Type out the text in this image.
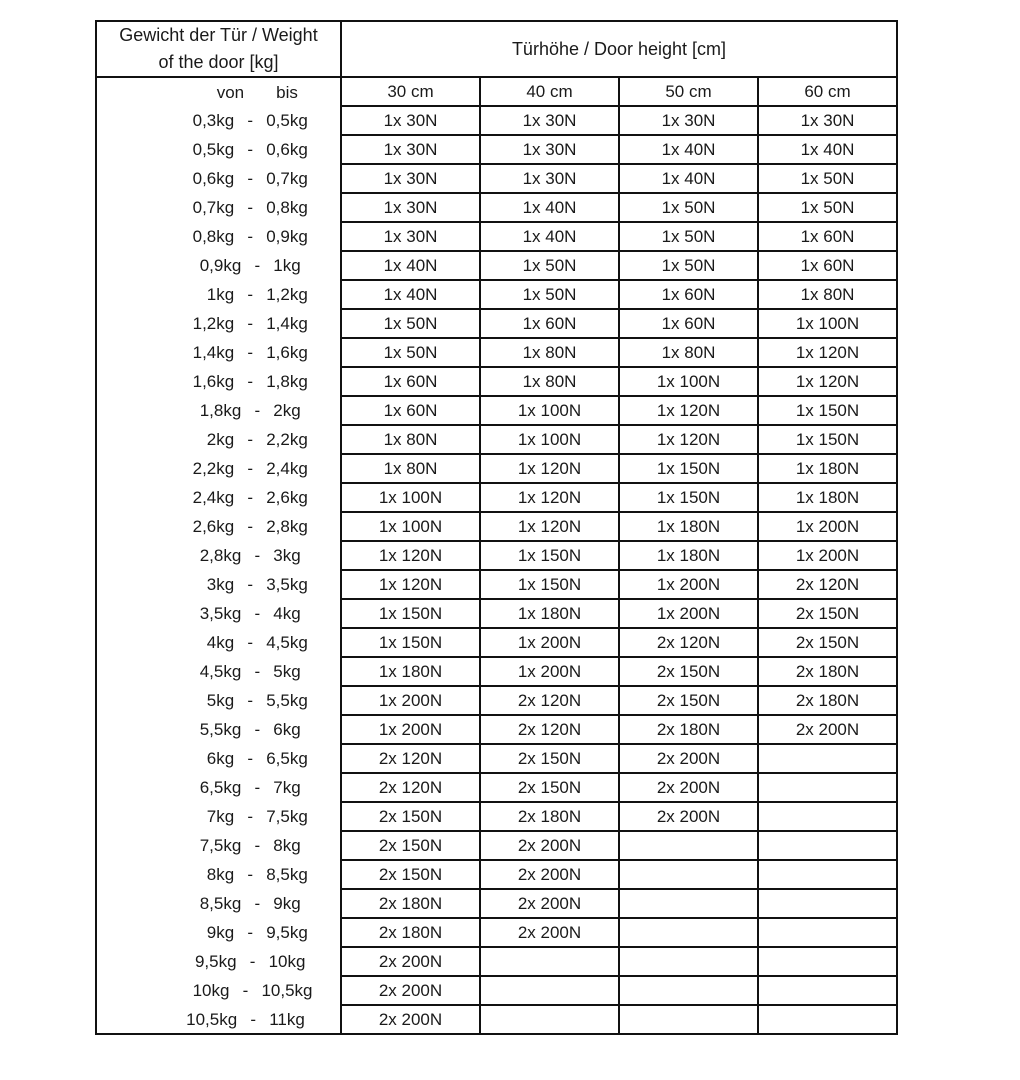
Gewicht der Tür / Weight
of the door [kg]	Türhöhe / Door height [cm]			
von bis	30 cm	40 cm	50 cm	60 cm
0,3kg - 0,5kg	1x 30N	1x 30N	1x 30N	1x 30N
0,5kg - 0,6kg	1x 30N	1x 30N	1x 40N	1x 40N
0,6kg - 0,7kg	1x 30N	1x 30N	1x 40N	1x 50N
0,7kg - 0,8kg	1x 30N	1x 40N	1x 50N	1x 50N
0,8kg - 0,9kg	1x 30N	1x 40N	1x 50N	1x 60N
0,9kg - 1kg	1x 40N	1x 50N	1x 50N	1x 60N
1kg - 1,2kg	1x 40N	1x 50N	1x 60N	1x 80N
1,2kg - 1,4kg	1x 50N	1x 60N	1x 60N	1x 100N
1,4kg - 1,6kg	1x 50N	1x 80N	1x 80N	1x 120N
1,6kg - 1,8kg	1x 60N	1x 80N	1x 100N	1x 120N
1,8kg - 2kg	1x 60N	1x 100N	1x 120N	1x 150N
2kg - 2,2kg	1x 80N	1x 100N	1x 120N	1x 150N
2,2kg - 2,4kg	1x 80N	1x 120N	1x 150N	1x 180N
2,4kg - 2,6kg	1x 100N	1x 120N	1x 150N	1x 180N
2,6kg - 2,8kg	1x 100N	1x 120N	1x 180N	1x 200N
2,8kg - 3kg	1x 120N	1x 150N	1x 180N	1x 200N
3kg - 3,5kg	1x 120N	1x 150N	1x 200N	2x 120N
3,5kg - 4kg	1x 150N	1x 180N	1x 200N	2x 150N
4kg - 4,5kg	1x 150N	1x 200N	2x 120N	2x 150N
4,5kg - 5kg	1x 180N	1x 200N	2x 150N	2x 180N
5kg - 5,5kg	1x 200N	2x 120N	2x 150N	2x 180N
5,5kg - 6kg	1x 200N	2x 120N	2x 180N	2x 200N
6kg - 6,5kg	2x 120N	2x 150N	2x 200N	
6,5kg - 7kg	2x 120N	2x 150N	2x 200N	
7kg - 7,5kg	2x 150N	2x 180N	2x 200N	
7,5kg - 8kg	2x 150N	2x 200N		
8kg - 8,5kg	2x 150N	2x 200N		
8,5kg - 9kg	2x 180N	2x 200N		
9kg - 9,5kg	2x 180N	2x 200N		
9,5kg - 10kg	2x 200N			
10kg - 10,5kg	2x 200N			
10,5kg - 11kg	2x 200N			
